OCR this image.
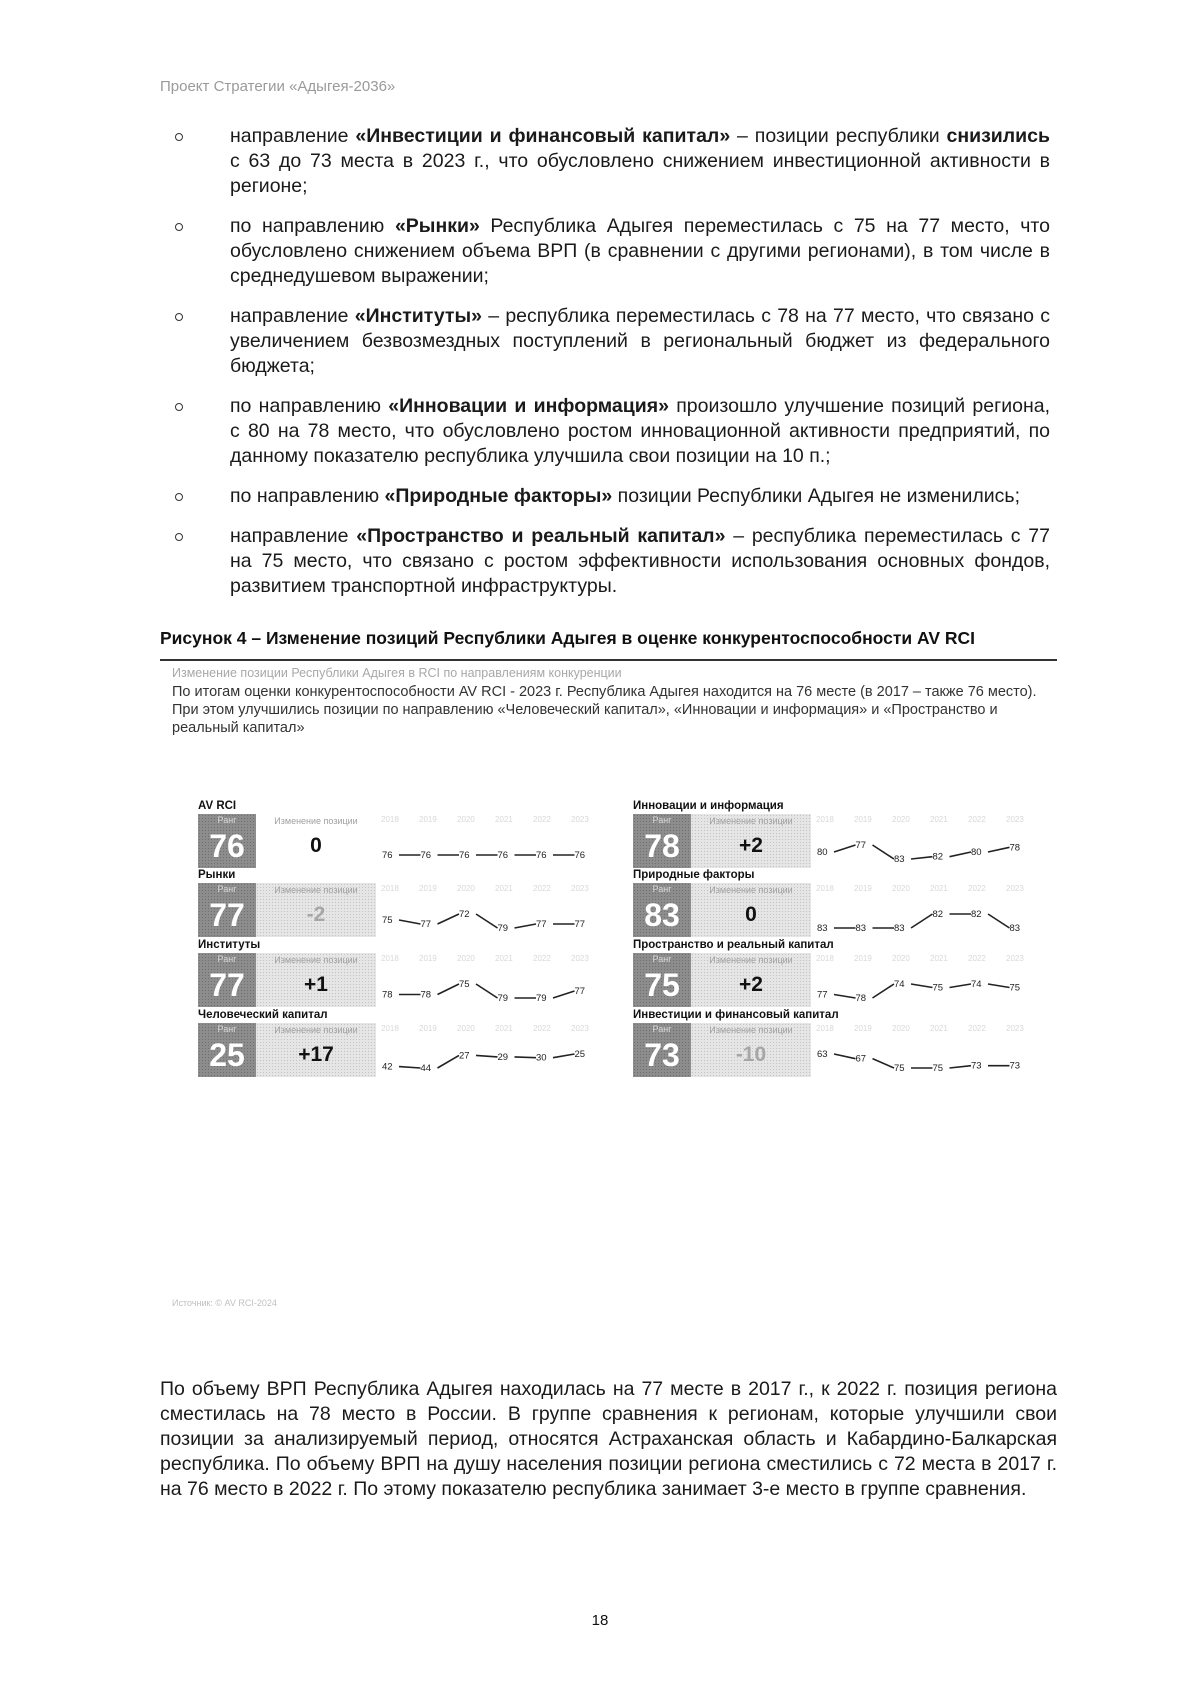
Проект Стратегии «Адыгея-2036»
направление «Инвестиции и финансовый капитал» – позиции республики снизились с 63 до 73 места в 2023 г., что обусловлено снижением инвестиционной активности в регионе;
по направлению «Рынки» Республика Адыгея переместилась с 75 на 77 место, что обусловлено снижением объема ВРП (в сравнении с другими регионами), в том числе в среднедушевом выражении;
направление «Институты» – республика переместилась с 78 на 77 место, что связано с увеличением безвозмездных поступлений в региональный бюджет из федерального бюджета;
по направлению «Инновации и информация» произошло улучшение позиций региона, с 80 на 78 место, что обусловлено ростом инновационной активности предприятий, по данному показателю республика улучшила свои позиции на 10 п.;
по направлению «Природные факторы» позиции Республики Адыгея не изменились;
направление «Пространство и реальный капитал» – республика переместилась с 77 на 75 место, что связано с ростом эффективности использования основных фондов, развитием транспортной инфраструктуры.
Рисунок 4 – Изменение позиций Республики Адыгея в оценке конкурентоспособности AV RCI
Изменение позиции Республики Адыгея в RCI по направлениям конкуренции
По итогам оценки конкурентоспособности AV RCI - 2023 г. Республика Адыгея находится на 76 месте (в 2017 – также 76 место). При этом улучшились позиции по направлению «Человеческий капитал», «Инновации и информация» и «Пространство и реальный капитал»
AV RCI
Ранг
76
Изменение позиции
0
2018	2019	2020	2021	2022	2023
76	76	76	76	76	76
Рынки
Ранг
77
Изменение позиции
-2
2018	2019	2020	2021	2022	2023
75	77
72
79	77	77
Институты
Ранг
77
Изменение позиции
+1
2018	2019	2020	2021	2022	2023
78	78
75
79	79
77
Человеческий капитал
Ранг
25
Изменение позиции
+17
2018	2019	2020	2021	2022	2023
42	44
27	29	30	25
Инновации и информация
Ранг
78
Изменение позиции
+2
2018	2019	2020	2021	2022	2023
80
77
83	82	80	78
Природные факторы
Ранг
83
Изменение позиции
0
2018	2019	2020	2021	2022	2023
83	83	83
82	82
83
Пространство и реальный капитал
Ранг
75
Изменение позиции
+2
2018	2019	2020	2021	2022	2023
77	78
74	75	74	75
Инвестиции и финансовый капитал
Ранг
73
Изменение позиции
-10
2018	2019	2020	2021	2022	2023
63	67
75	75	73	73
Источник: © AV RCI-2024
По объему ВРП Республика Адыгея находилась на 77 месте в 2017 г., к 2022 г. позиция региона сместилась на 78 место в России. В группе сравнения к регионам, которые улучшили свои позиции за анализируемый период, относятся Астраханская область и Кабардино-Балкарская республика. По объему ВРП на душу населения позиции региона сместились с 72 места в 2017 г. на 76 место в 2022 г. По этому показателю республика занимает 3-е место в группе сравнения.
18
